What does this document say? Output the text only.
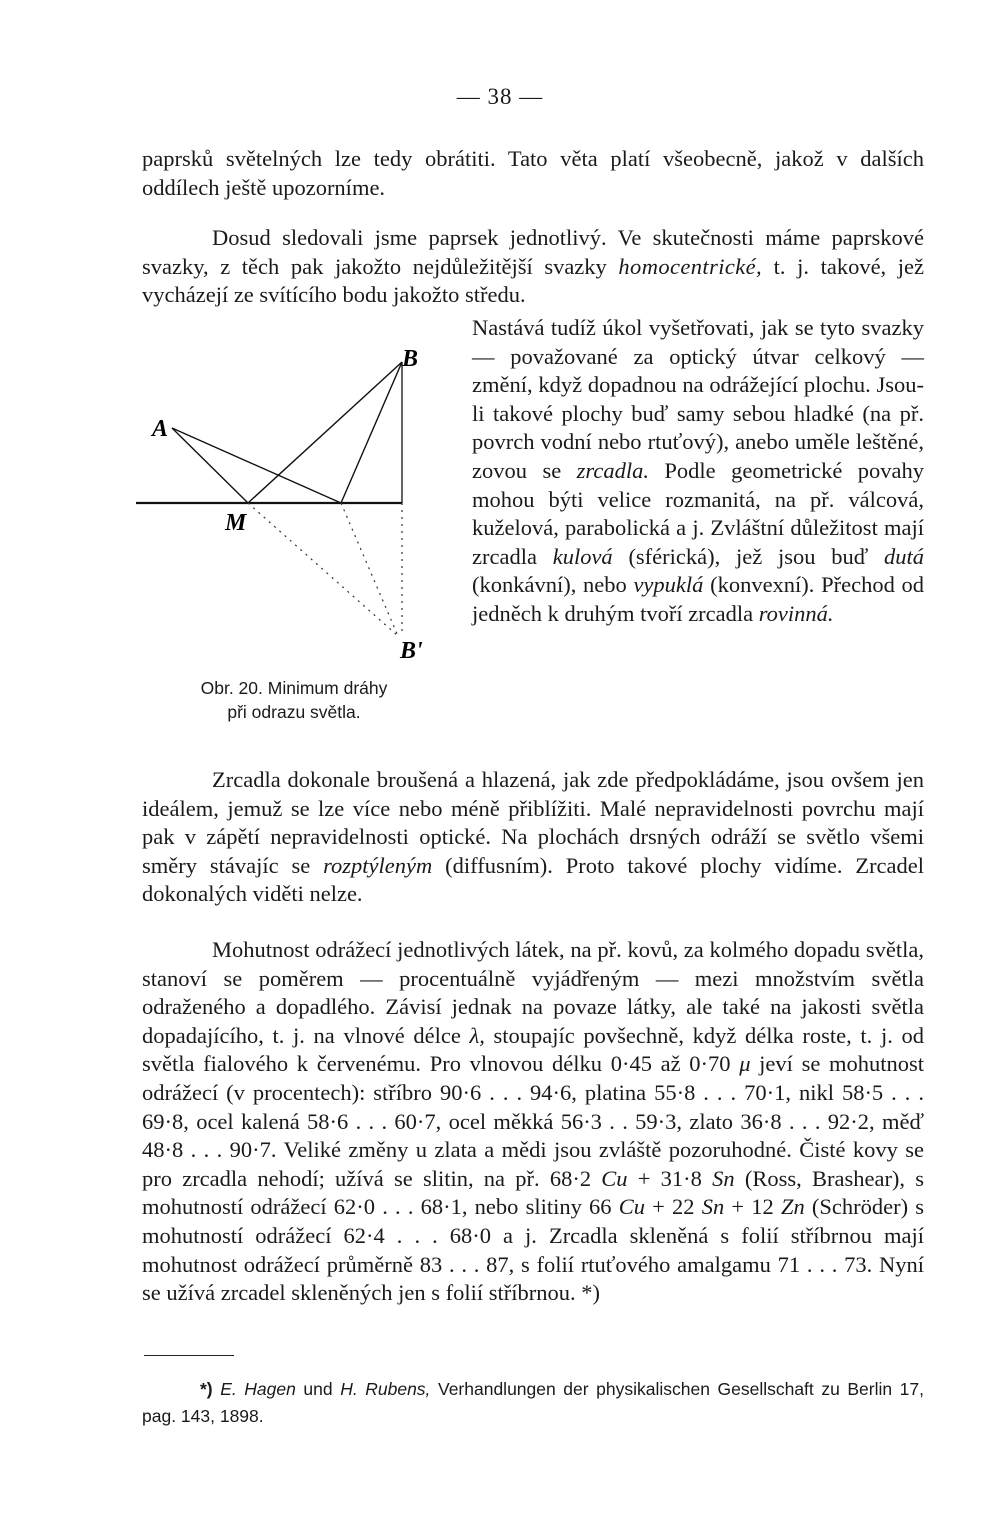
— 38 —

paprsků světelných lze tedy obrátiti. Tato věta platí všeobecně, jakož v dalších oddílech ještě upozorníme.

Dosud sledovali jsme paprsek jednotlivý. Ve skutečnosti máme paprskové svazky, z těch pak jakožto nejdůležitější svazky homocentrické, t. j. takové, jež vycházejí ze svítícího bodu jakožto středu.

Nastává tudíž úkol vyšetřovati, jak se tyto svazky — považované za optický útvar celkový — změní, když dopadnou na odrážející plochu. Jsou-li takové plochy buď samy sebou hladké (na př. povrch vodní nebo rtuťový), anebo uměle leštěné, zovou se zrcadla. Podle geometrické povahy mohou býti velice rozmanitá, na př. válcová, kuželová, parabolická a j. Zvláštní důležitost mají zrcadla kulová (sférická), jež jsou buď dutá (konkávní), nebo vypuklá (konvexní). Přechod od jedněch k druhým tvoří zrcadla rovinná.

A
B
M
B'
Obr. 20. Minimum dráhy
při odrazu světla.

Zrcadla dokonale broušená a hlazená, jak zde předpokládáme, jsou ovšem jen ideálem, jemuž se lze více nebo méně přiblížiti. Malé nepravidelnosti povrchu mají pak v zápětí nepravidelnosti optické. Na plochách drsných odráží se světlo všemi směry stávajíc se rozptýleným (diffusním). Proto takové plochy vidíme. Zrcadel dokonalých viděti nelze.

Mohutnost odrážecí jednotlivých látek, na př. kovů, za kolmého dopadu světla, stanoví se poměrem — procentuálně vyjádřeným — mezi množstvím světla odraženého a dopadlého. Závisí jednak na povaze látky, ale také na jakosti světla dopadajícího, t. j. na vlnové délce λ, stoupajíc povšechně, když délka roste, t. j. od světla fialového k červenému. Pro vlnovou délku 0·45 až 0·70 μ jeví se mohutnost odrážecí (v procentech): stříbro 90·6 . . . 94·6, platina 55·8 . . . 70·1, nikl 58·5 . . . 69·8, ocel kalená 58·6 . . . 60·7, ocel měkká 56·3 . . 59·3, zlato 36·8 . . . 92·2, měď 48·8 . . . 90·7. Veliké změny u zlata a mědi jsou zvláště pozoruhodné. Čisté kovy se pro zrcadla nehodí; užívá se slitin, na př. 68·2 Cu + 31·8 Sn (Ross, Brashear), s mohutností odrážecí 62·0 . . . 68·1, nebo slitiny 66 Cu + 22 Sn + 12 Zn (Schröder) s mohutností odrážecí 62·4 . . . 68·0 a j. Zrcadla skleněná s folií stříbrnou mají mohutnost odrážecí průměrně 83 . . . 87, s folií rtuťového amalgamu 71 . . . 73. Nyní se užívá zrcadel skleněných jen s folií stříbrnou. *)

*) E. Hagen und H. Rubens, Verhandlungen der physikalischen Gesellschaft zu Berlin 17, pag. 143, 1898.
